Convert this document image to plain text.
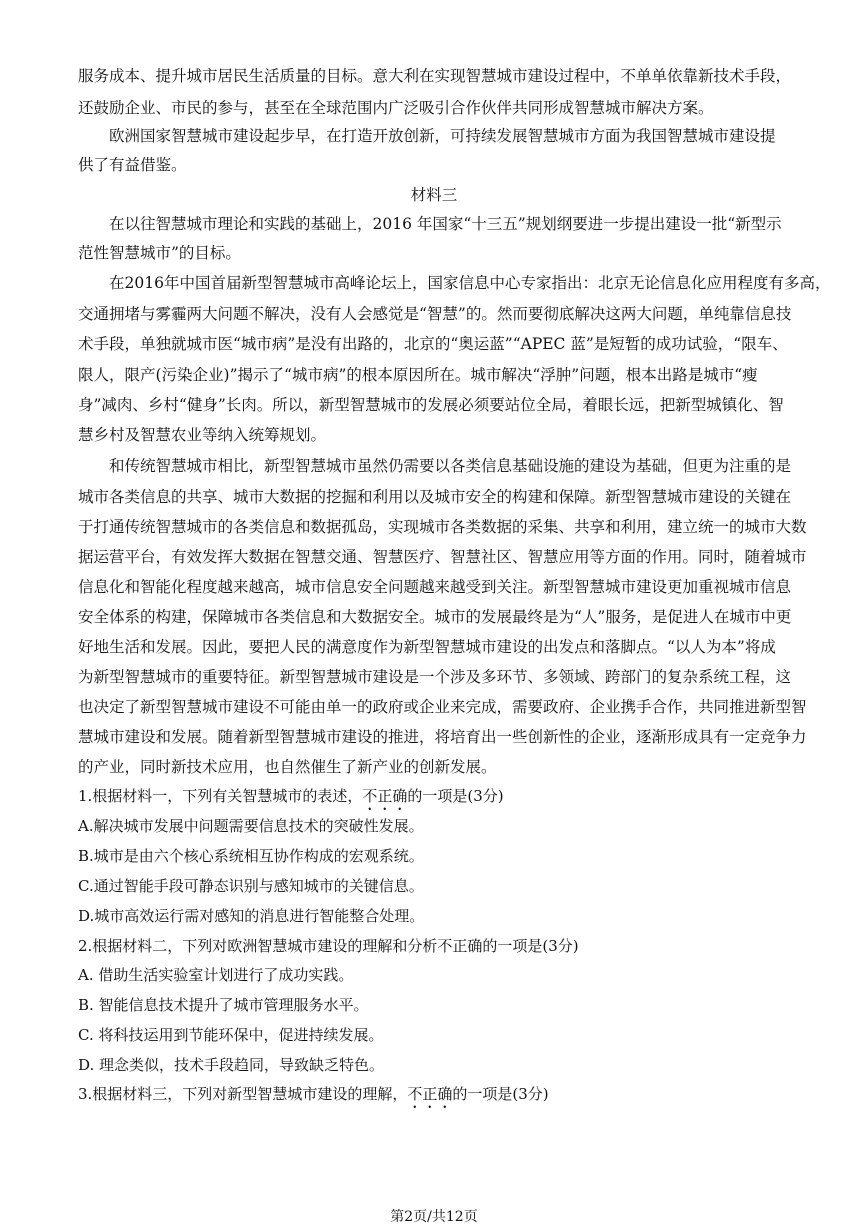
服务成本、提升城市居民生活质量的目标。意大利在实现智慧城市建设过程中，不单单依靠新技术手段，
还鼓励企业、市民的参与，甚至在全球范围内广泛吸引合作伙伴共同形成智慧城市解决方案。
欧洲国家智慧城市建设起步早，在打造开放创新，可持续发展智慧城市方面为我国智慧城市建设提
供了有益借鉴。
材料三
在以往智慧城市理论和实践的基础上，2016 年国家“十三五”规划纲要进一步提出建设一批“新型示
范性智慧城市”的目标。
在2016年中国首届新型智慧城市高峰论坛上，国家信息中心专家指出：北京无论信息化应用程度有多高，
交通拥堵与雾霾两大问题不解决，没有人会感觉是“智慧”的。然而要彻底解决这两大问题，单纯靠信息技
术手段，单独就城市医“城市病”是没有出路的，北京的“奥运蓝”“APEC 蓝”是短暂的成功试验，“限车、
限人，限产(污染企业)”揭示了“城市病”的根本原因所在。城市解决“浮肿”问题，根本出路是城市“瘦
身”减肉、乡村“健身”长肉。所以，新型智慧城市的发展必须要站位全局，着眼长远，把新型城镇化、智
慧乡村及智慧农业等纳入统筹规划。
和传统智慧城市相比，新型智慧城市虽然仍需要以各类信息基础设施的建设为基础，但更为注重的是
城市各类信息的共享、城市大数据的挖掘和利用以及城市安全的构建和保障。新型智慧城市建设的关键在
于打通传统智慧城市的各类信息和数据孤岛，实现城市各类数据的采集、共享和利用，建立统一的城市大数
据运营平台，有效发挥大数据在智慧交通、智慧医疗、智慧社区、智慧应用等方面的作用。同时，随着城市
信息化和智能化程度越来越高，城市信息安全问题越来越受到关注。新型智慧城市建设更加重视城市信息
安全体系的构建，保障城市各类信息和大数据安全。城市的发展最终是为“人”服务，是促进人在城市中更
好地生活和发展。因此，要把人民的满意度作为新型智慧城市建设的出发点和落脚点。“以人为本”将成
为新型智慧城市的重要特征。新型智慧城市建设是一个涉及多环节、多领域、跨部门的复杂系统工程，这
也决定了新型智慧城市建设不可能由单一的政府或企业来完成，需要政府、企业携手合作，共同推进新型智
慧城市建设和发展。随着新型智慧城市建设的推进，将培育出一些创新性的企业，逐渐形成具有一定竞争力
的产业，同时新技术应用，也自然催生了新产业的创新发展。
1.根据材料一，下列有关智慧城市的表述，不正确的一项是(3分)
A.解决城市发展中问题需要信息技术的突破性发展。
B.城市是由六个核心系统相互协作构成的宏观系统。
C.通过智能手段可静态识别与感知城市的关键信息。
D.城市高效运行需对感知的消息进行智能整合处理。
2.根据材料二，下列对欧洲智慧城市建设的理解和分析不正确的一项是(3分)
A. 借助生活实验室计划进行了成功实践。
B. 智能信息技术提升了城市管理服务水平。
C. 将科技运用到节能环保中，促进持续发展。
D. 理念类似，技术手段趋同，导致缺乏特色。
3.根据材料三，下列对新型智慧城市建设的理解，不正确的一项是(3分)
第2页/共12页
